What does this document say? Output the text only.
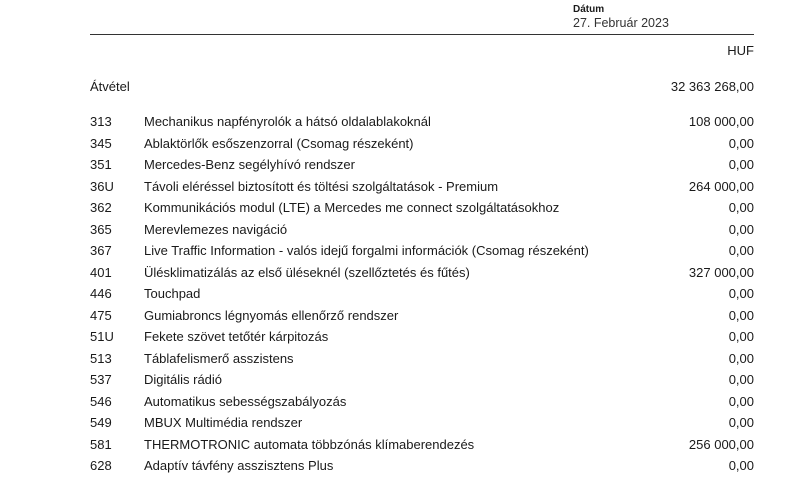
Dátum
27. Február 2023
HUF
Átvétel	32 363 268,00
313 Mechanikus napfényrolók a hátsó oldalablakoknál	108 000,00
345 Ablaktörlők esőszenzorral (Csomag részeként)	0,00
351 Mercedes-Benz segélyhívó rendszer	0,00
36U Távoli eléréssel biztosított és töltési szolgáltatások - Premium	264 000,00
362 Kommunikációs modul (LTE) a Mercedes me connect szolgáltatásokhoz	0,00
365 Merevlemezes navigáció	0,00
367 Live Traffic Information - valós idejű forgalmi információk (Csomag részeként)	0,00
401 Ülésklimatizálás az első üléseknél (szellőztetés és fűtés)	327 000,00
446 Touchpad	0,00
475 Gumiabroncs légnyomás ellenőrző rendszer	0,00
51U Fekete szövet tetőtér kárpitozás	0,00
513 Táblafelismerő asszistens	0,00
537 Digitális rádió	0,00
546 Automatikus sebességszabályozás	0,00
549 MBUX Multimédia rendszer	0,00
581 THERMOTRONIC automata többzónás klímaberendezés	256 000,00
628 Adaptív távfény asszisztens Plus	0,00
